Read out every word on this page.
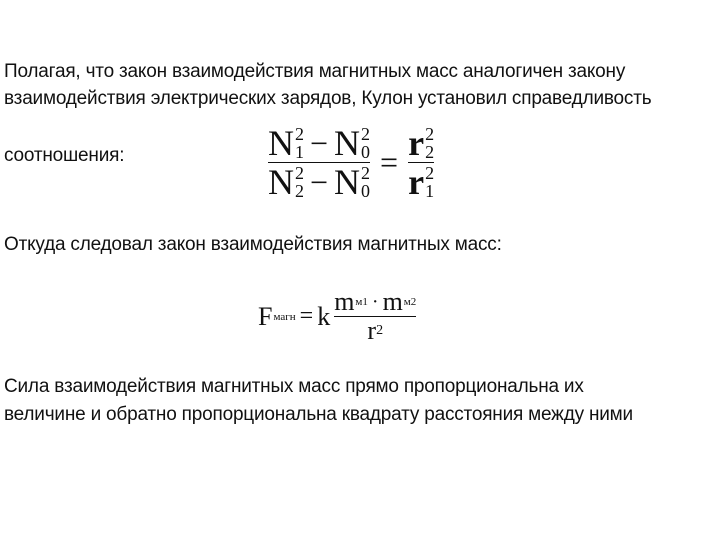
Полагая, что закон взаимодействия магнитных масс аналогичен закону
взаимодействия электрических зарядов, Кулон установил справедливость
соотношения:	N 2
1 − N 2
0
N 2
2 − N 2
0
= r 2
2
r 2
1
Откуда следовал закон взаимодействия магнитных масс:
F магн = k $\frac{\text{m м1 · m м2}}{r 2}$
Сила взаимодействия магнитных масс прямо пропорциональна их
величине и обратно пропорциональна квадрату расстояния между ними
